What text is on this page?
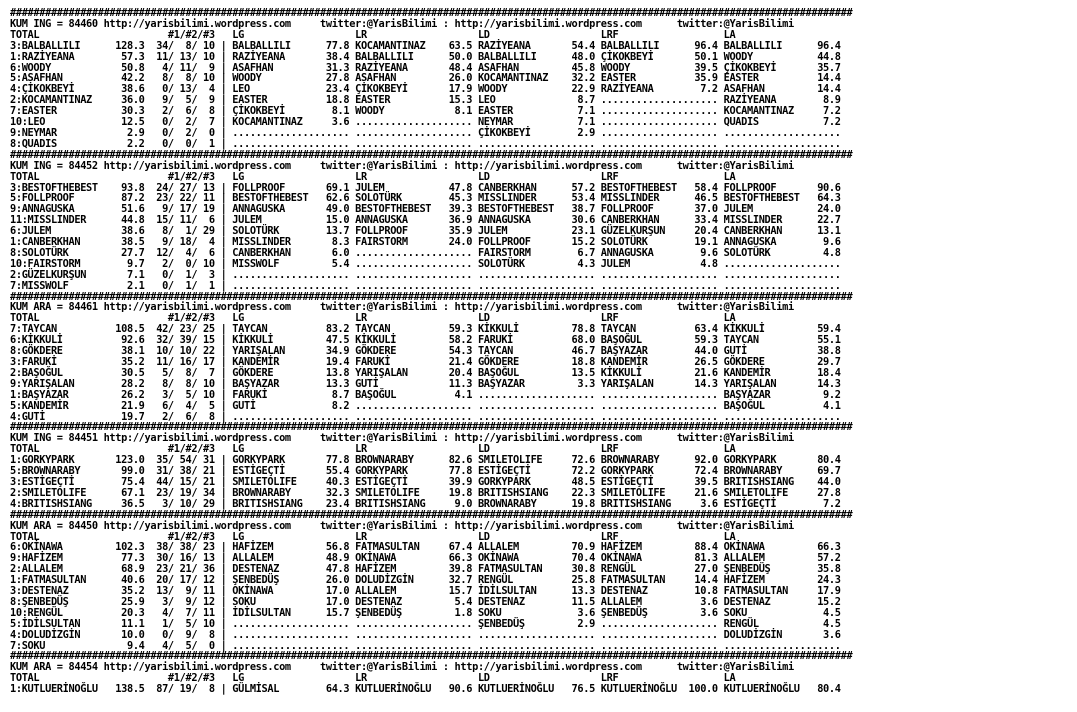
################################################################################################################################################
KUM ING = 84460 http://yarisbilimi.wordpress.com     twitter:@YarisBilimi : http://yarisbilimi.wordpress.com      twitter:@YarisBilimi
TOTAL                      #1/#2/#3   LG                   LR                   LD                   LRF                  LA
3:BALBALLILI      128.3  34/  8/ 10 | BALBALLILI      77.8 KOCAMANTINAZ    63.5 RAZİYEANA       54.4 BALBALLILI      96.4 BALBALLILI      96.4
1:RAZİYEANA        57.3  11/ 13/ 10 | RAZİYEANA       38.4 BALBALLILI      50.0 BALBALLILI      48.0 ÇİKOKBEYİ       50.1 WOODY           44.8
6:WOODY            50.8   4/ 11/  9 | ASAFHAN         31.3 RAZİYEANA       48.4 ASAFHAN         45.8 WOODY           39.5 ÇİKOKBEYİ       35.7
5:ASAFHAN          42.2   8/  8/ 10 | WOODY           27.8 ASAFHAN         26.0 KOCAMANTINAZ    32.2 EASTER          35.9 EASTER          14.4
4:ÇİKOKBEYİ        38.6   0/ 13/  4 | LEO             23.4 ÇİKOKBEYİ       17.9 WOODY           22.9 RAZİYEANA        7.2 ASAFHAN         14.4
2:KOCAMANTINAZ     36.0   9/  5/  9 | EASTER          18.8 EASTER          15.3 LEO              8.7 .................... RAZİYEANA        8.9
7:EASTER           30.3   2/  6/  8 | ÇİKOKBEYİ        8.1 WOODY            8.1 EASTER           7.1 .................... KOCAMANTINAZ     7.2
10:LEO             12.5   0/  2/  7 | KOCAMANTINAZ     3.6 .................... NEYMAR           7.1 .................... QUADIS           7.2
9:NEYMAR            2.9   0/  2/  0 | .................... .................... ÇİKOKBEYİ        2.9 .................... ....................
8:QUADIS            2.2   0/  0/  1 | .................... .................... .................... .................... ....................
################################################################################################################################################
KUM ING = 84452 http://yarisbilimi.wordpress.com     twitter:@YarisBilimi : http://yarisbilimi.wordpress.com      twitter:@YarisBilimi
TOTAL                      #1/#2/#3   LG                   LR                   LD                   LRF                  LA
3:BESTOFTHEBEST    93.8  24/ 27/ 13 | FOLLPROOF       69.1 JULEM           47.8 CANBERKHAN      57.2 BESTOFTHEBEST   58.4 FOLLPROOF       90.6
5:FOLLPROOF        87.2  23/ 22/ 11 | BESTOFTHEBEST   62.6 SOLOTÜRK        45.3 MISSLINDER      53.4 MISSLINDER      46.5 BESTOFTHEBEST   64.3
9:ANNAGUSKA        51.6   9/ 17/ 19 | ANNAGUSKA       49.0 BESTOFTHEBEST   39.3 BESTOFTHEBEST   38.7 FOLLPROOF       37.0 JULEM           24.0
11:MISSLINDER      44.8  15/ 11/  6 | JULEM           15.0 ANNAGUSKA       36.9 ANNAGUSKA       30.6 CANBERKHAN      33.4 MISSLINDER      22.7
6:JULEM            38.6   8/  1/ 29 | SOLOTÜRK        13.7 FOLLPROOF       35.9 JULEM           23.1 GÜZELKURŞUN     20.4 CANBERKHAN      13.1
1:CANBERKHAN       38.5   9/ 18/  4 | MISSLINDER       8.3 FAIRSTORM       24.0 FOLLPROOF       15.2 SOLOTÜRK        19.1 ANNAGUSKA        9.6
8:SOLOTÜRK         27.7  12/  4/  6 | CANBERKHAN       6.0 .................... FAIRSTORM        6.7 ANNAGUSKA        9.6 SOLOTÜRK         4.8
10:FAIRSTORM        9.7   2/  0/ 10 | MISSWOLF         5.4 .................... SOLOTÜRK         4.3 JULEM            4.8 ....................
2:GÜZELKURŞUN       7.1   0/  1/  3 | .................... .................... .................... .................... ....................
7:MISSWOLF          2.1   0/  1/  1 | .................... .................... .................... .................... ....................
################################################################################################################################################
KUM ARA = 84461 http://yarisbilimi.wordpress.com     twitter:@YarisBilimi : http://yarisbilimi.wordpress.com      twitter:@YarisBilimi
TOTAL                      #1/#2/#3   LG                   LR                   LD                   LRF                  LA
7:TAYCAN          108.5  42/ 23/ 25 | TAYCAN          83.2 TAYCAN          59.3 KİKKULİ         78.8 TAYCAN          63.4 KİKKULİ         59.4
6:KİKKULİ          92.6  32/ 39/ 15 | KİKKULİ         47.5 KİKKULİ         58.2 FARUKİ          68.0 BAŞOĞUL         59.3 TAYCAN          55.1
8:GÖKDERE          38.1  10/ 10/ 22 | YARIŞALAN       34.9 GÖKDERE         54.3 TAYCAN          46.7 BAŞYAZAR        44.0 GUTİ            38.8
3:FARUKİ           35.2  11/ 16/ 17 | KANDEMİR        19.4 FARUKİ          21.4 GÖKDERE         18.8 KANDEMİR        26.5 GÖKDERE         29.7
2:BAŞOĞUL          30.5   5/  8/  7 | GÖKDERE         13.8 YARIŞALAN       20.4 BAŞOĞUL         13.5 KİKKULİ         21.6 KANDEMİR        18.4
9:YARIŞALAN        28.2   8/  8/ 10 | BAŞYAZAR        13.3 GUTİ            11.3 BAŞYAZAR         3.3 YARIŞALAN       14.3 YARIŞALAN       14.3
1:BAŞYAZAR         26.2   3/  5/ 10 | FARUKİ           8.7 BAŞOĞUL          4.1 .................... .................... BAŞYAZAR         9.2
5:KANDEMİR         21.9   6/  4/  5 | GUTİ             8.2 .................... .................... .................... BAŞOĞUL          4.1
4:GUTİ             19.7   2/  6/  8 | .................... .................... .................... .................... ....................
################################################################################################################################################
KUM ING = 84451 http://yarisbilimi.wordpress.com     twitter:@YarisBilimi : http://yarisbilimi.wordpress.com      twitter:@YarisBilimi
TOTAL                      #1/#2/#3   LG                   LR                   LD                   LRF                  LA
1:GORKYPARK       123.0  35/ 54/ 31 | GORKYPARK       77.8 BROWNARABY      82.6 SMILETOLIFE     72.6 BROWNARABY      92.0 GORKYPARK       80.4
5:BROWNARABY       99.0  31/ 38/ 21 | ESTİGEÇTİ       55.4 GORKYPARK       77.8 ESTİGEÇTİ       72.2 GORKYPARK       72.4 BROWNARABY      69.7
3:ESTİGEÇTİ        75.4  44/ 15/ 21 | SMILETOLIFE     40.3 ESTİGEÇTİ       39.9 GORKYPARK       48.5 ESTİGEÇTİ       39.5 BRITISHSIANG    44.0
2:SMILETOLIFE      67.1  23/ 19/ 34 | BROWNARABY      32.3 SMILETOLIFE     19.8 BRITISHSIANG    22.3 SMILETOLIFE     21.6 SMILETOLIFE     27.8
4:BRITISHSIANG     36.5   3/ 10/ 29 | BRITISHSIANG    23.4 BRITISHSIANG     9.0 BROWNARABY      19.8 BRITISHSIANG     3.6 ESTİGEÇTİ        7.2
################################################################################################################################################
KUM ARA = 84450 http://yarisbilimi.wordpress.com     twitter:@YarisBilimi : http://yarisbilimi.wordpress.com      twitter:@YarisBilimi
TOTAL                      #1/#2/#3   LG                   LR                   LD                   LRF                  LA
6:OKİNAWA         102.3  38/ 38/ 23 | HAFİZEM         56.8 FATMASULTAN     67.4 ALLALEM         70.9 HAFİZEM         88.4 OKİNAWA         66.3
9:HAFİZEM          77.3  30/ 16/ 13 | ALLALEM         48.9 OKİNAWA         66.3 OKİNAWA         70.4 OKİNAWA         81.3 ALLALEM         57.2
2:ALLALEM          68.9  23/ 21/ 36 | DESTENAZ        47.8 HAFİZEM         39.8 FATMASULTAN     30.8 RENGÜL          27.0 ŞENBEDÜŞ        35.8
1:FATMASULTAN      40.6  20/ 17/ 12 | ŞENBEDÜŞ        26.0 DOLUDİZGİN      32.7 RENGÜL          25.8 FATMASULTAN     14.4 HAFİZEM         24.3
3:DESTENAZ         35.2  13/  9/ 11 | OKİNAWA         17.0 ALLALEM         15.7 İDİLSULTAN      13.3 DESTENAZ        10.8 FATMASULTAN     17.9
8:ŞENBEDÜŞ         25.9   3/  9/ 12 | SOKU            17.0 DESTENAZ         5.4 DESTENAZ        11.5 ALLALEM          3.6 DESTENAZ        15.2
10:RENGÜL          20.3   4/  7/ 11 | İDİLSULTAN      15.7 ŞENBEDÜŞ         1.8 SOKU             3.6 ŞENBEDÜŞ         3.6 SOKU             4.5
5:İDİLSULTAN       11.1   1/  5/ 10 | .................... .................... ŞENBEDÜŞ         2.9 .................... RENGÜL           4.5
4:DOLUDİZGİN       10.0   0/  9/  8 | .................... .................... .................... .................... DOLUDİZGİN       3.6
7:SOKU              9.4   4/  5/  0 | .................... .................... .................... .................... ....................
################################################################################################################################################
KUM ARA = 84454 http://yarisbilimi.wordpress.com     twitter:@YarisBilimi : http://yarisbilimi.wordpress.com      twitter:@YarisBilimi
TOTAL                      #1/#2/#3   LG                   LR                   LD                   LRF                  LA
1:KUTLUERİNOĞLU   138.5  87/ 19/  8 | GÜLMİSAL        64.3 KUTLUERİNOĞLU   90.6 KUTLUERİNOĞLU   76.5 KUTLUERİNOĞLU  100.0 KUTLUERİNOĞLU   80.4
